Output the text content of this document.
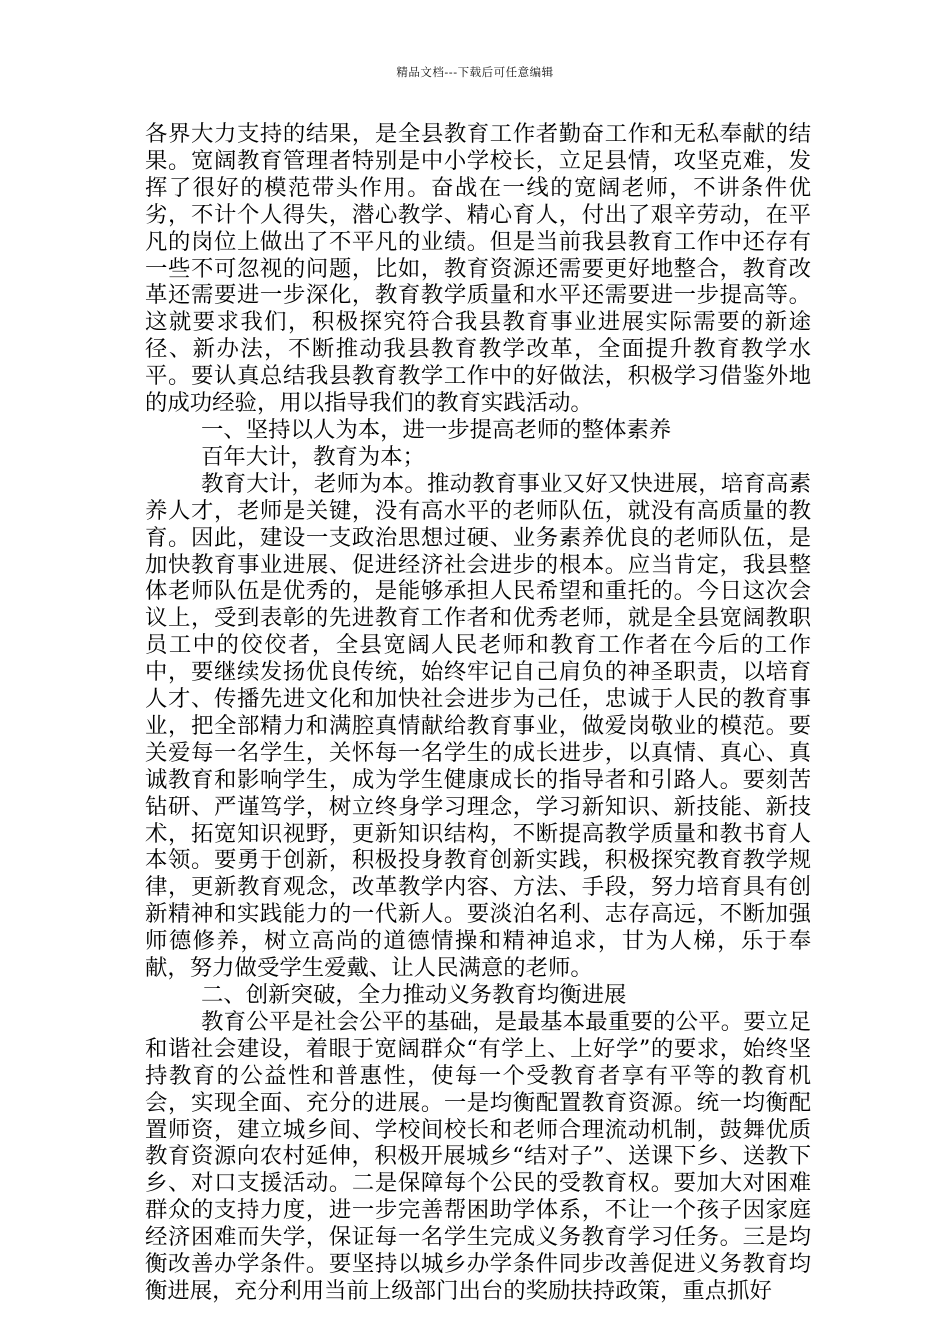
精品文档---下载后可任意编辑

各界大力支持的结果，是全县教育工作者勤奋工作和无私奉献的结果。宽阔教育管理者特别是中小学校长，立足县情，攻坚克难，发挥了很好的模范带头作用。奋战在一线的宽阔老师，不讲条件优劣，不计个人得失，潜心教学、精心育人，付出了艰辛劳动，在平凡的岗位上做出了不平凡的业绩。但是当前我县教育工作中还存有一些不可忽视的问题，比如，教育资源还需要更好地整合，教育改革还需要进一步深化，教育教学质量和水平还需要进一步提高等。这就要求我们，积极探究符合我县教育事业进展实际需要的新途径、新办法，不断推动我县教育教学改革，全面提升教育教学水平。要认真总结我县教育教学工作中的好做法，积极学习借鉴外地的成功经验，用以指导我们的教育实践活动。

一、坚持以人为本，进一步提高老师的整体素养

百年大计，教育为本；

教育大计，老师为本。推动教育事业又好又快进展，培育高素养人才，老师是关键，没有高水平的老师队伍，就没有高质量的教育。因此，建设一支政治思想过硬、业务素养优良的老师队伍，是加快教育事业进展、促进经济社会进步的根本。应当肯定，我县整体老师队伍是优秀的，是能够承担人民希望和重托的。今日这次会议上，受到表彰的先进教育工作者和优秀老师，就是全县宽阔教职员工中的佼佼者，全县宽阔人民老师和教育工作者在今后的工作中，要继续发扬优良传统，始终牢记自己肩负的神圣职责，以培育人才、传播先进文化和加快社会进步为己任，忠诚于人民的教育事业，把全部精力和满腔真情献给教育事业，做爱岗敬业的模范。要关爱每一名学生，关怀每一名学生的成长进步，以真情、真心、真诚教育和影响学生，成为学生健康成长的指导者和引路人。要刻苦钻研、严谨笃学，树立终身学习理念，学习新知识、新技能、新技术，拓宽知识视野，更新知识结构，不断提高教学质量和教书育人本领。要勇于创新，积极投身教育创新实践，积极探究教育教学规律，更新教育观念，改革教学内容、方法、手段，努力培育具有创新精神和实践能力的一代新人。要淡泊名利、志存高远，不断加强师德修养，树立高尚的道德情操和精神追求，甘为人梯，乐于奉献，努力做受学生爱戴、让人民满意的老师。

二、创新突破，全力推动义务教育均衡进展

教育公平是社会公平的基础，是最基本最重要的公平。要立足和谐社会建设，着眼于宽阔群众“有学上、上好学”的要求，始终坚持教育的公益性和普惠性，使每一个受教育者享有平等的教育机会，实现全面、充分的进展。一是均衡配置教育资源。统一均衡配置师资，建立城乡间、学校间校长和老师合理流动机制，鼓舞优质教育资源向农村延伸，积极开展城乡“结对子”、送课下乡、送教下乡、对口支援活动。二是保障每个公民的受教育权。要加大对困难群众的支持力度，进一步完善帮困助学体系，不让一个孩子因家庭经济困难而失学，保证每一名学生完成义务教育学习任务。三是均衡改善办学条件。要坚持以城乡办学条件同步改善促进义务教育均衡进展，充分利用当前上级部门出台的奖励扶持政策，重点抓好
